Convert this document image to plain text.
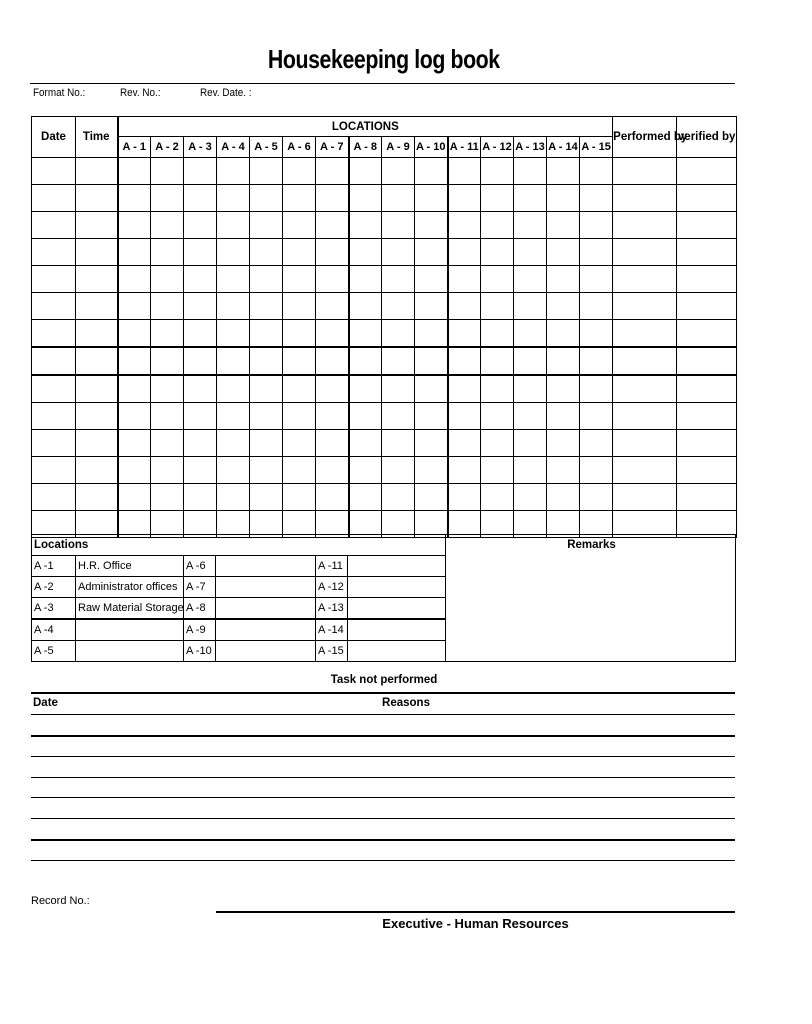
Housekeeping log book
Format No.:	Rev. No.:	Rev. Date. :
Date	Time	LOCATIONS															Performed by	verified by
		A - 1	A - 2	A - 3	A - 4	A - 5	A - 6	A - 7	A - 8	A - 9	A - 10	A - 11	A - 12	A - 13	A - 14	A - 15		

Locations						Remarks
A -1	H.R. Office	A -6		A -11		
A -2	Administrator offices	A -7		A -12		
A -3	Raw Material Storage	A -8		A -13		
A -4		A -9		A -14		
A -5		A -10		A -15		
Task not performed
Date	Reasons
Record No.:
Executive - Human Resources
